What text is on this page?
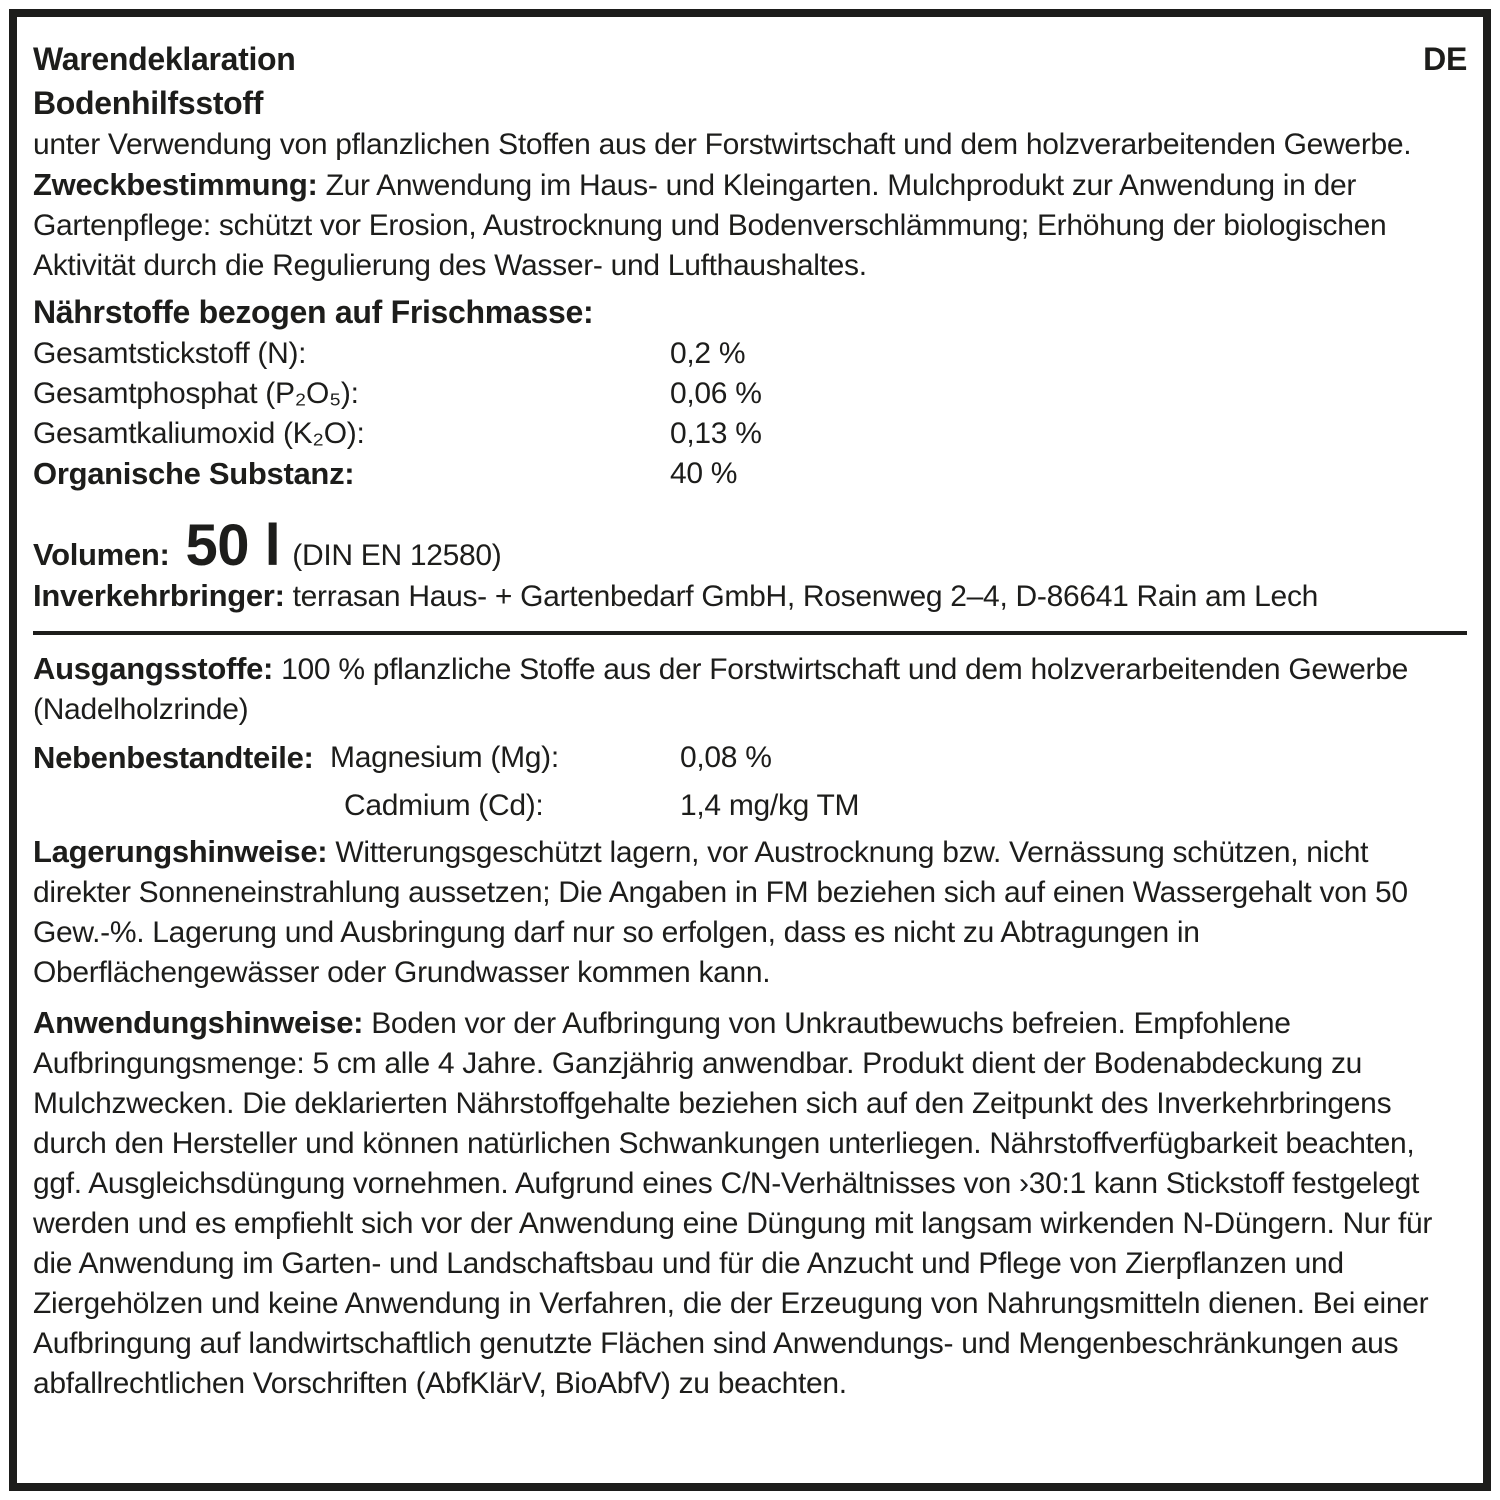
Warendeklaration
Bodenhilfsstoff
DE

unter Verwendung von pflanzlichen Stoffen aus der Forstwirtschaft und dem holzverarbeitenden Gewerbe.

Zweckbestimmung: Zur Anwendung im Haus- und Kleingarten. Mulchprodukt zur Anwendung in der Gartenpflege: schützt vor Erosion, Austrocknung und Bodenverschlämmung; Erhöhung der biologischen Aktivität durch die Regulierung des Wasser- und Lufthaushaltes.

Nährstoffe bezogen auf Frischmasse:
Gesamtstickstoff (N):	0,2 %
Gesamtphosphat (P₂O₅):	0,06 %
Gesamtkaliumoxid (K₂O):	0,13 %
Organische Substanz:	40 %
Volumen: 50 l (DIN EN 12580)

Inverkehrbringer: terrasan Haus- + Gartenbedarf GmbH, Rosenweg 2–4, D-86641 Rain am Lech

Ausgangsstoffe: 100 % pflanzliche Stoffe aus der Forstwirtschaft und dem holzverarbeitenden Gewerbe (Nadelholzrinde)

Nebenbestandteile: Magnesium (Mg):	0,08 %
Cadmium (Cd):	1,4 mg/kg TM

Lagerungshinweise: Witterungsgeschützt lagern, vor Austrocknung bzw. Vernässung schützen, nicht direkter Sonneneinstrahlung aussetzen; Die Angaben in FM beziehen sich auf einen Wassergehalt von 50 Gew.-%. Lagerung und Ausbringung darf nur so erfolgen, dass es nicht zu Abtragungen in Oberflächengewässer oder Grundwasser kommen kann.

Anwendungshinweise: Boden vor der Aufbringung von Unkrautbewuchs befreien. Empfohlene Aufbringungsmenge: 5 cm alle 4 Jahre. Ganzjährig anwendbar. Produkt dient der Bodenabdeckung zu Mulchzwecken. Die deklarierten Nährstoffgehalte beziehen sich auf den Zeitpunkt des Inverkehrbringens durch den Hersteller und können natürlichen Schwankungen unterliegen. Nährstoffverfügbarkeit beachten, ggf. Ausgleichsdüngung vornehmen. Aufgrund eines C/N-Verhältnisses von ›30:1 kann Stickstoff festgelegt werden und es empfiehlt sich vor der Anwendung eine Düngung mit langsam wirkenden N-Düngern. Nur für die Anwendung im Garten- und Landschaftsbau und für die Anzucht und Pflege von Zierpflanzen und Ziergehölzen und keine Anwendung in Verfahren, die der Erzeugung von Nahrungsmitteln dienen. Bei einer Aufbringung auf landwirtschaftlich genutzte Flächen sind Anwendungs- und Mengenbeschränkungen aus abfallrechtlichen Vorschriften (AbfKlärV, BioAbfV) zu beachten.
